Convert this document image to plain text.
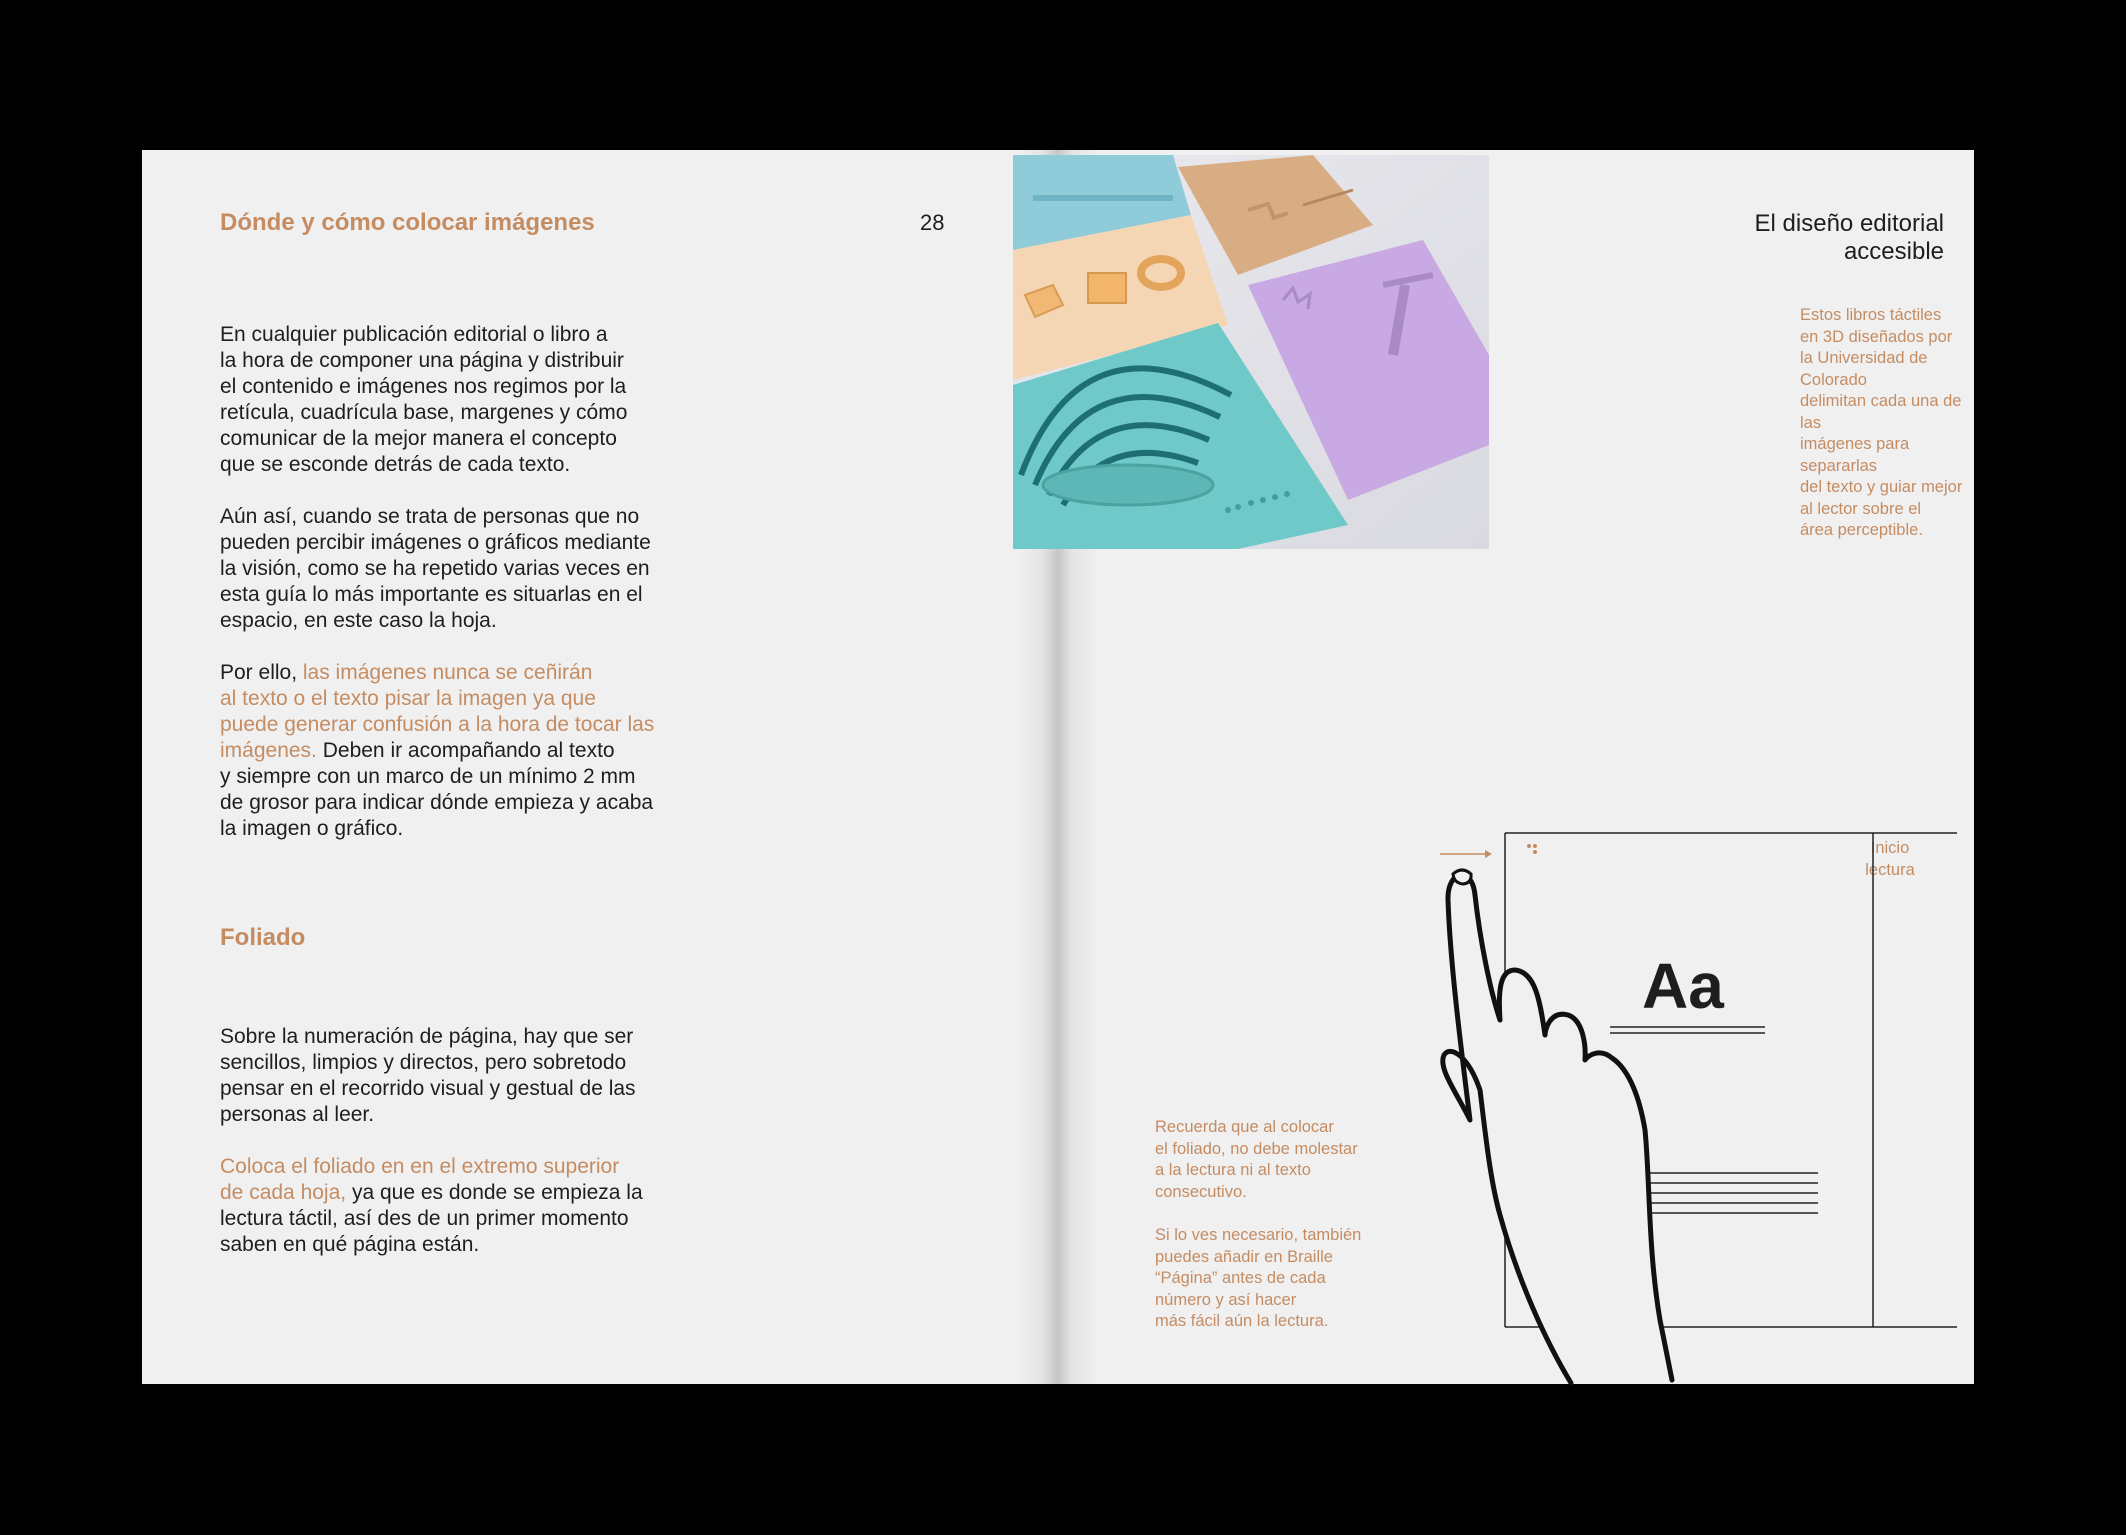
Dónde y cómo colocar imágenes	28

En cualquier publicación editorial o libro a
la hora de componer una página y distribuir
el contenido e imágenes nos regimos por la
retícula, cuadrícula base, margenes y cómo
comunicar de la mejor manera el concepto
que se esconde detrás de cada texto.

Aún así, cuando se trata de personas que no
pueden percibir imágenes o gráficos mediante
la visión, como se ha repetido varias veces en
esta guía lo más importante es situarlas en el
espacio, en este caso la hoja.

Por ello, las imágenes nunca se ceñirán
al texto o el texto pisar la imagen ya que
puede generar confusión a la hora de tocar las
imágenes. Deben ir acompañando al texto
y siempre con un marco de un mínimo 2 mm
de grosor para indicar dónde empieza y acaba
la imagen o gráfico.

Foliado

Sobre la numeración de página, hay que ser
sencillos, limpios y directos, pero sobretodo
pensar en el recorrido visual y gestual de las
personas al leer.

Coloca el foliado en en el extremo superior
de cada hoja, ya que es donde se empieza la
lectura táctil, así des de un primer momento
saben en qué página están.

El diseño editorial accesible

Estos libros táctiles
en 3D diseñados por
la Universidad de Colorado
delimitan cada una de las
imágenes para separarlas
del texto y guiar mejor
al lector sobre el
área perceptible.

Inicio
lectura

Recuerda que al colocar
el foliado, no debe molestar
a la lectura ni al texto
consecutivo.

Si lo ves necesario, también
puedes añadir en Braille
“Página” antes de cada
número y así hacer
más fácil aún la lectura.

Aa
